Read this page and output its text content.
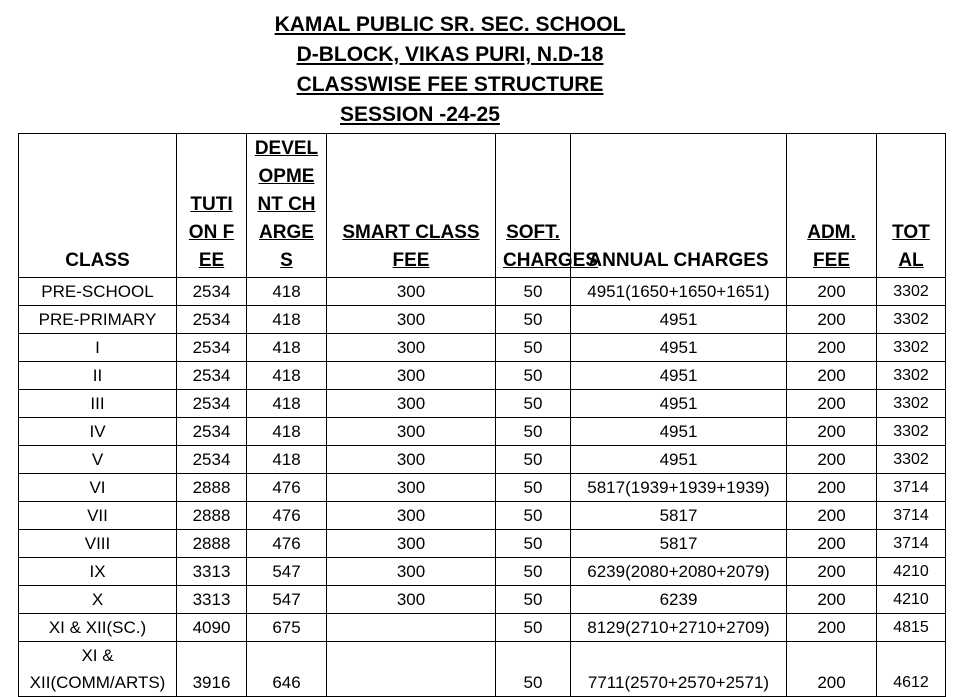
KAMAL PUBLIC SR. SEC. SCHOOL
D-BLOCK, VIKAS PURI, N.D-18
CLASSWISE FEE STRUCTURE
SESSION -24-25
CLASS	TUTION FEE	DEVELOPMENT CHARGES	SMART CLASS FEE	SOFT. CHARGES	ANNUAL CHARGES	ADM. FEE	TOTAL
PRE-SCHOOL	2534	418	300	50	4951(1650+1650+1651)	200	3302
PRE-PRIMARY	2534	418	300	50	4951	200	3302
I	2534	418	300	50	4951	200	3302
II	2534	418	300	50	4951	200	3302
III	2534	418	300	50	4951	200	3302
IV	2534	418	300	50	4951	200	3302
V	2534	418	300	50	4951	200	3302
VI	2888	476	300	50	5817(1939+1939+1939)	200	3714
VII	2888	476	300	50	5817	200	3714
VIII	2888	476	300	50	5817	200	3714
IX	3313	547	300	50	6239(2080+2080+2079)	200	4210
X	3313	547	300	50	6239	200	4210
XI & XII(SC.)	4090	675		50	8129(2710+2710+2709)	200	4815
XI & XII(COMM/ARTS)	3916	646		50	7711(2570+2570+2571)	200	4612
